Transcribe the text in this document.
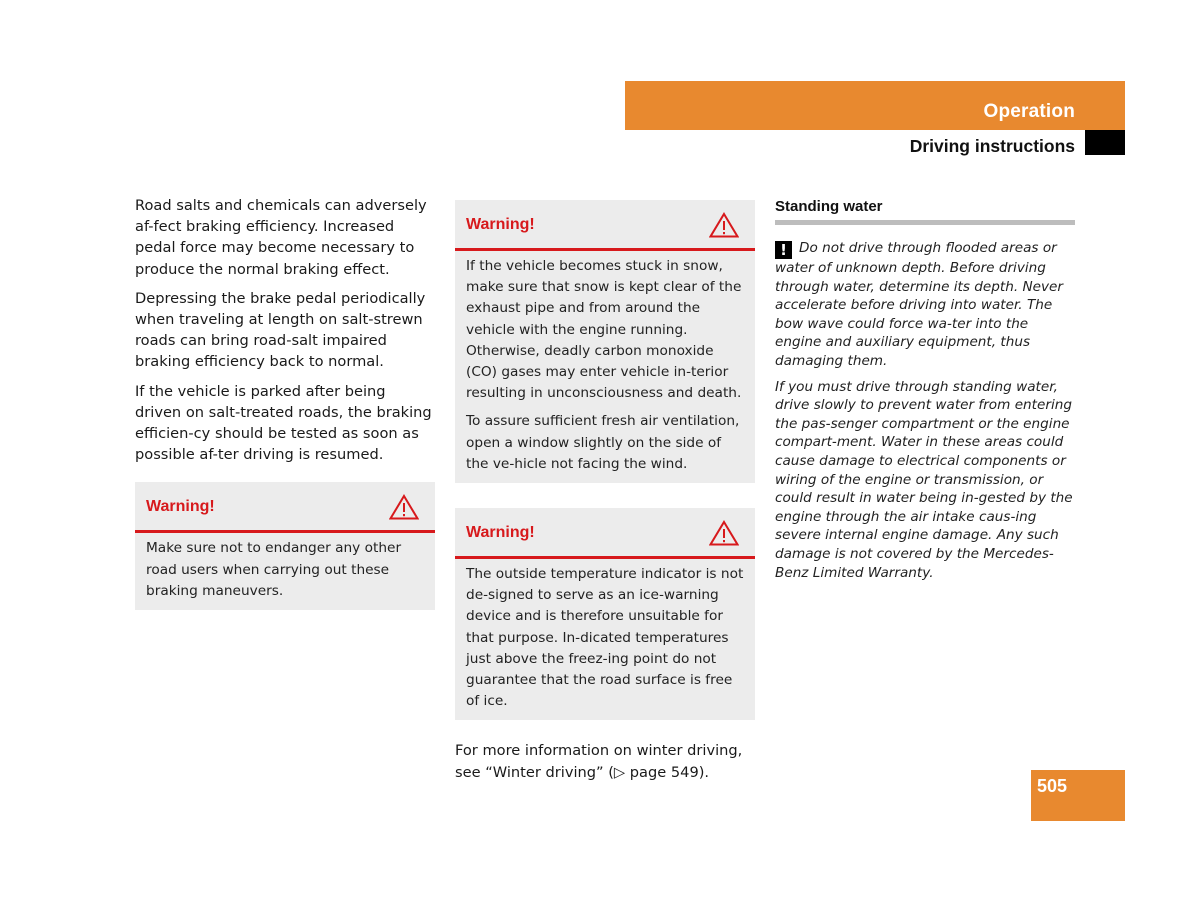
Operation
Driving instructions

Road salts and chemicals can adversely af-fect braking efficiency. Increased pedal force may become necessary to produce the normal braking effect.

Depressing the brake pedal periodically when traveling at length on salt-strewn roads can bring road-salt impaired braking efficiency back to normal.

If the vehicle is parked after being driven on salt-treated roads, the braking efficien-cy should be tested as soon as possible af-ter driving is resumed.

Warning!

Make sure not to endanger any other road users when carrying out these braking maneuvers.

Warning!

If the vehicle becomes stuck in snow, make sure that snow is kept clear of the exhaust pipe and from around the vehicle with the engine running. Otherwise, deadly carbon monoxide (CO) gases may enter vehicle in-terior resulting in unconsciousness and death.

To assure sufficient fresh air ventilation, open a window slightly on the side of the ve-hicle not facing the wind.

Warning!

The outside temperature indicator is not de-signed to serve as an ice-warning device and is therefore unsuitable for that purpose. In-dicated temperatures just above the freez-ing point do not guarantee that the road surface is free of ice.

For more information on winter driving, see “Winter driving” (▷ page 549).

Standing water

! Do not drive through flooded areas or water of unknown depth. Before driving through water, determine its depth. Never accelerate before driving into water. The bow wave could force wa-ter into the engine and auxiliary equipment, thus damaging them.

If you must drive through standing water, drive slowly to prevent water from entering the pas-senger compartment or the engine compart-ment. Water in these areas could cause damage to electrical components or wiring of the engine or transmission, or could result in water being in-gested by the engine through the air intake caus-ing severe internal engine damage. Any such damage is not covered by the Mercedes-Benz Limited Warranty.

505
